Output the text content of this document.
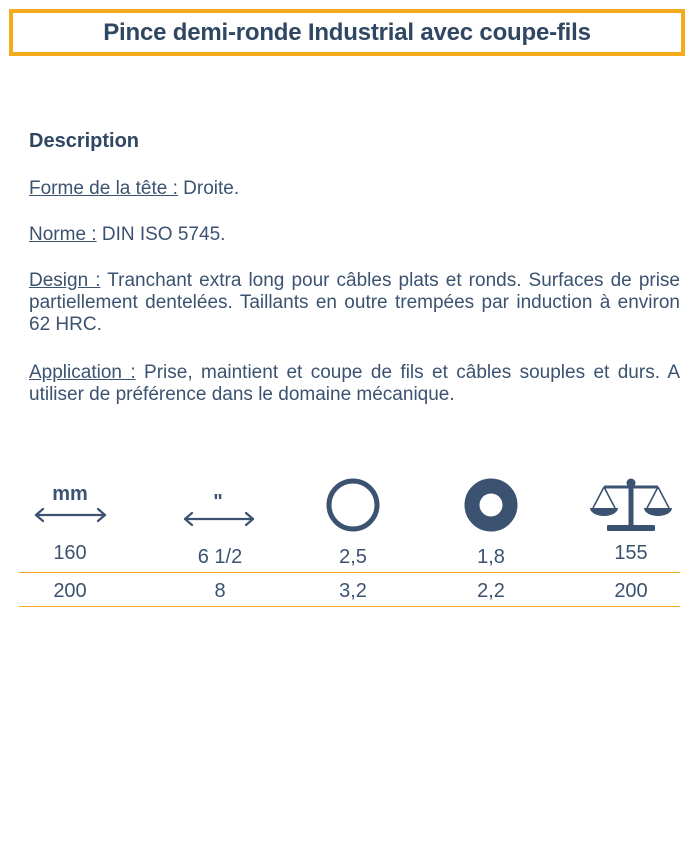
Pince demi-ronde Industrial avec coupe-fils
Description

Forme de la tête : Droite.

Norme : DIN ISO 5745.

Design : Tranchant extra long pour câbles plats et ronds. Surfaces de prise partiellement dentelées. Taillants en outre trempées par induction à environ 62 HRC.

Application : Prise, maintient et coupe de fils et câbles souples et durs. A utiliser de préférence dans le domaine mécanique.

mm
160
200
"
6 1/2
8
2,5
3,2
1,8
2,2
155
200
